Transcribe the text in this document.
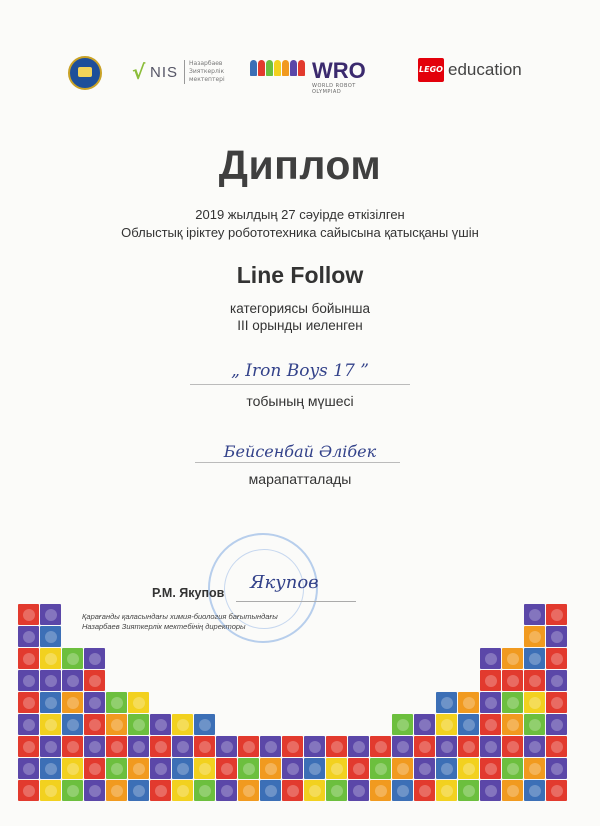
√ NIS
Назарбаев Зияткерлік мектептері	WRO
WORLD ROBOT OLYMPIAD
LEGO education
Диплом
2019 жылдың 27 сәуірде өткізілген
Облыстық іріктеу робототехника сайысына қатысқаны үшін
Line Follow
категориясы бойынша
III орынды иеленген
„ Iron Boys 17 ”
тобының мүшесі
Бейсенбай Әлібек
марапатталады
Якупов
Р.М. Якупов
Қарағанды қаласындағы химия-биология бағытындағы
Назарбаев Зияткерлік мектебінің директоры
